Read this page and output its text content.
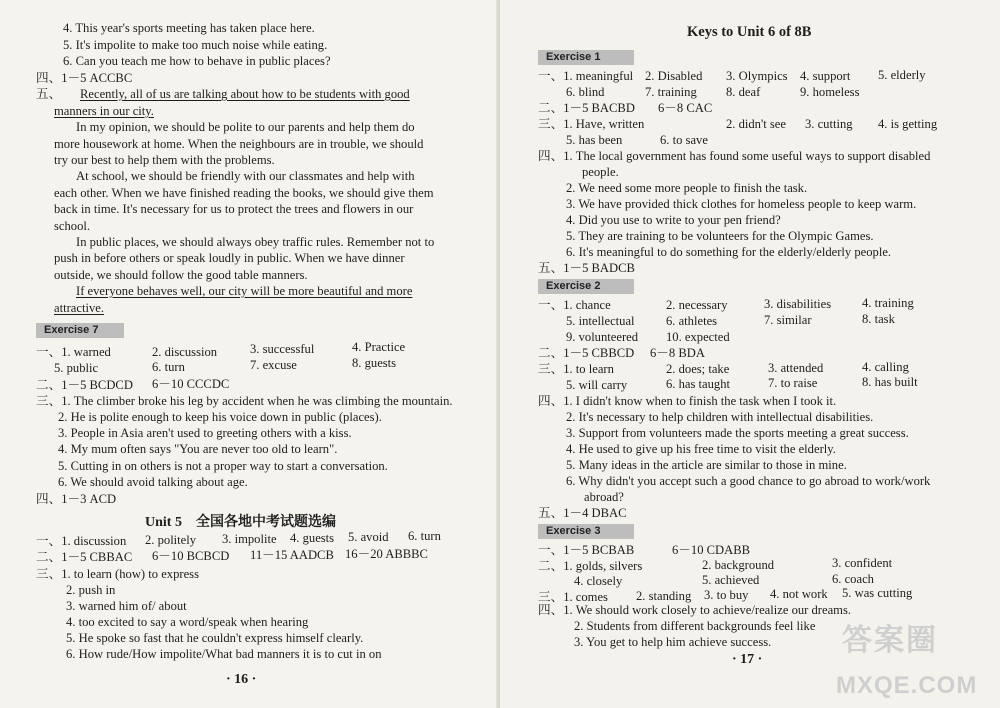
4. This year's sports meeting has taken place here.
5. It's impolite to make too much noise while eating.
6. Can you teach me how to behave in public places?
四、1－5 ACCBC
五、 Recently, all of us are talking about how to be students with good
manners in our city.
In my opinion, we should be polite to our parents and help them do
more housework at home. When the neighbours are in trouble, we should
try our best to help them with the problems.
At school, we should be friendly with our classmates and help with
each other. When we have finished reading the books, we should give them
back in time. It's necessary for us to protect the trees and flowers in our
school.
In public places, we should always obey traffic rules. Remember not to
push in before others or speak loudly in public. When we have dinner
outside, we should follow the good table manners.
If everyone behaves well, our city will be more beautiful and more
attractive.
Exercise 7
一、1. warned	2. discussion	3. successful	4. Practice
5. public	6. turn	7. excuse	8. guests
二、1－5 BCDCD 6－10 CCCDC
三、1. The climber broke his leg by accident when he was climbing the mountain.
2. He is polite enough to keep his voice down in public (places).
3. People in Asia aren't used to greeting others with a kiss.
4. My mum often says "You are never too old to learn".
5. Cutting in on others is not a proper way to start a conversation.
6. We should avoid talking about age.
四、1－3 ACD
Unit 5　全国各地中考试题选编
一、1. discussion 2. politely 3. impolite 4. guests 5. avoid 6. turn
二、1－5 CBBAC 6－10 BCBCD 11－15 AADCB 16－20 ABBBC
三、1. to learn (how) to express
2. push in
3. warned him of/ about
4. too excited to say a word/speak when hearing
5. He spoke so fast that he couldn't express himself clearly.
6. How rude/How impolite/What bad manners it is to cut in on
· 16 ·
Keys to Unit 6 of 8B
Exercise 1
一、1. meaningful 2. Disabled 3. Olympics 4. support 5. elderly
6. blind	7. training 8. deaf	9. homeless
二、1－5 BACBD 6－8 CAC
三、1. Have, written	2. didn't see 3. cutting 4. is getting
5. has been	6. to save
四、1. The local government has found some useful ways to support disabled
people.
2. We need some more people to finish the task.
3. We have provided thick clothes for homeless people to keep warm.
4. Did you use to write to your pen friend?
5. They are training to be volunteers for the Olympic Games.
6. It's meaningful to do something for the elderly/elderly people.
五、1－5 BADCB
Exercise 2
一、1. chance	2. necessary	3. disabilities 4. training
5. intellectual 6. athletes	7. similar	8. task
9. volunteered 10. expected
二、1－5 CBBCD 6－8 BDA
三、1. to learn	2. does; take	3. attended	4. calling
5. will carry	6. has taught	7. to raise	8. has built
四、1. I didn't know when to finish the task when I took it.
2. It's necessary to help children with intellectual disabilities.
3. Support from volunteers made the sports meeting a great success.
4. He used to give up his free time to visit the elderly.
5. Many ideas in the article are similar to those in mine.
6. Why didn't you accept such a good chance to go abroad to work/work
abroad?
五、1－4 DBAC
Exercise 3
一、1－5 BCBAB	6－10 CDABB
二、1. golds, silvers	2. background	3. confident
4. closely	5. achieved	6. coach
三、1. comes 2. standing 3. to buy 4. not work 5. was cutting
四、1. We should work closely to achieve/realize our dreams.
2. Students from different backgrounds feel like
3. You get to help him achieve success.
· 17 ·
答案圈
MXQE.COM
